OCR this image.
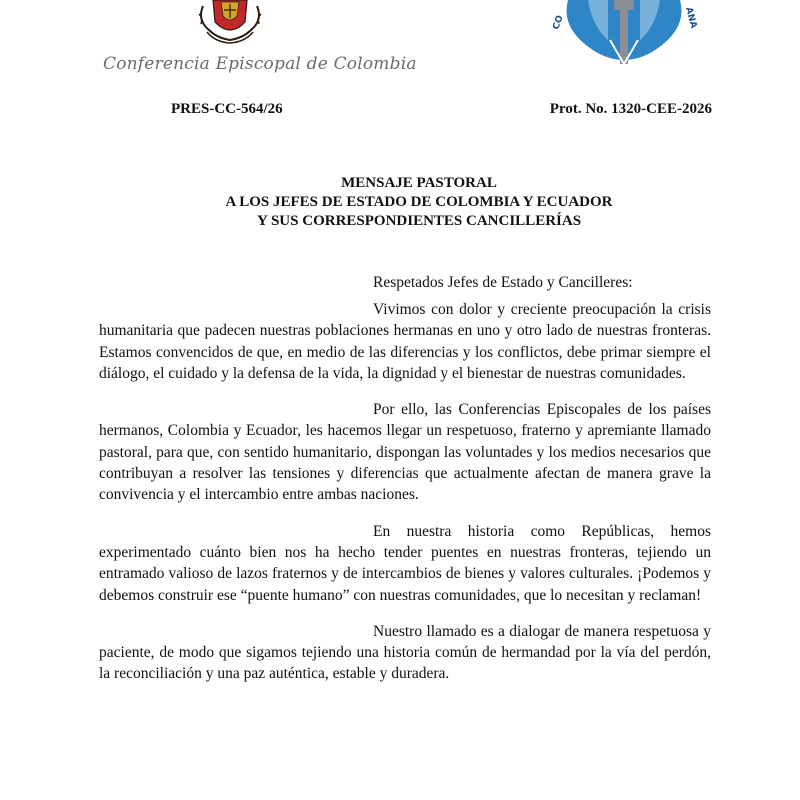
CO	ANA
Conferencia Episcopal de Colombia
PRES-CC-564/26	Prot. No. 1320-CEE-2026
MENSAJE PASTORAL
A LOS JEFES DE ESTADO DE COLOMBIA Y ECUADOR
Y SUS CORRESPONDIENTES CANCILLERÍAS
Respetados Jefes de Estado y Cancilleres:

Vivimos con dolor y creciente preocupación la crisis humanitaria que padecen nuestras poblaciones hermanas en uno y otro lado de nuestras fronteras. Estamos convencidos de que, en medio de las diferencias y los conflictos, debe primar siempre el diálogo, el cuidado y la defensa de la vida, la dignidad y el bienestar de nuestras comunidades.

Por ello, las Conferencias Episcopales de los países hermanos, Colombia y Ecuador, les hacemos llegar un respetuoso, fraterno y apremiante llamado pastoral, para que, con sentido humanitario, dispongan las voluntades y los medios necesarios que contribuyan a resolver las tensiones y diferencias que actualmente afectan de manera grave la convivencia y el intercambio entre ambas naciones.

En nuestra historia como Repúblicas, hemos experimentado cuánto bien nos ha hecho tender puentes en nuestras fronteras, tejiendo un entramado valioso de lazos fraternos y de intercambios de bienes y valores culturales. ¡Podemos y debemos construir ese “puente humano” con nuestras comunidades, que lo necesitan y reclaman!

Nuestro llamado es a dialogar de manera respetuosa y paciente, de modo que sigamos tejiendo una historia común de hermandad por la vía del perdón, la reconciliación y una paz auténtica, estable y duradera.
